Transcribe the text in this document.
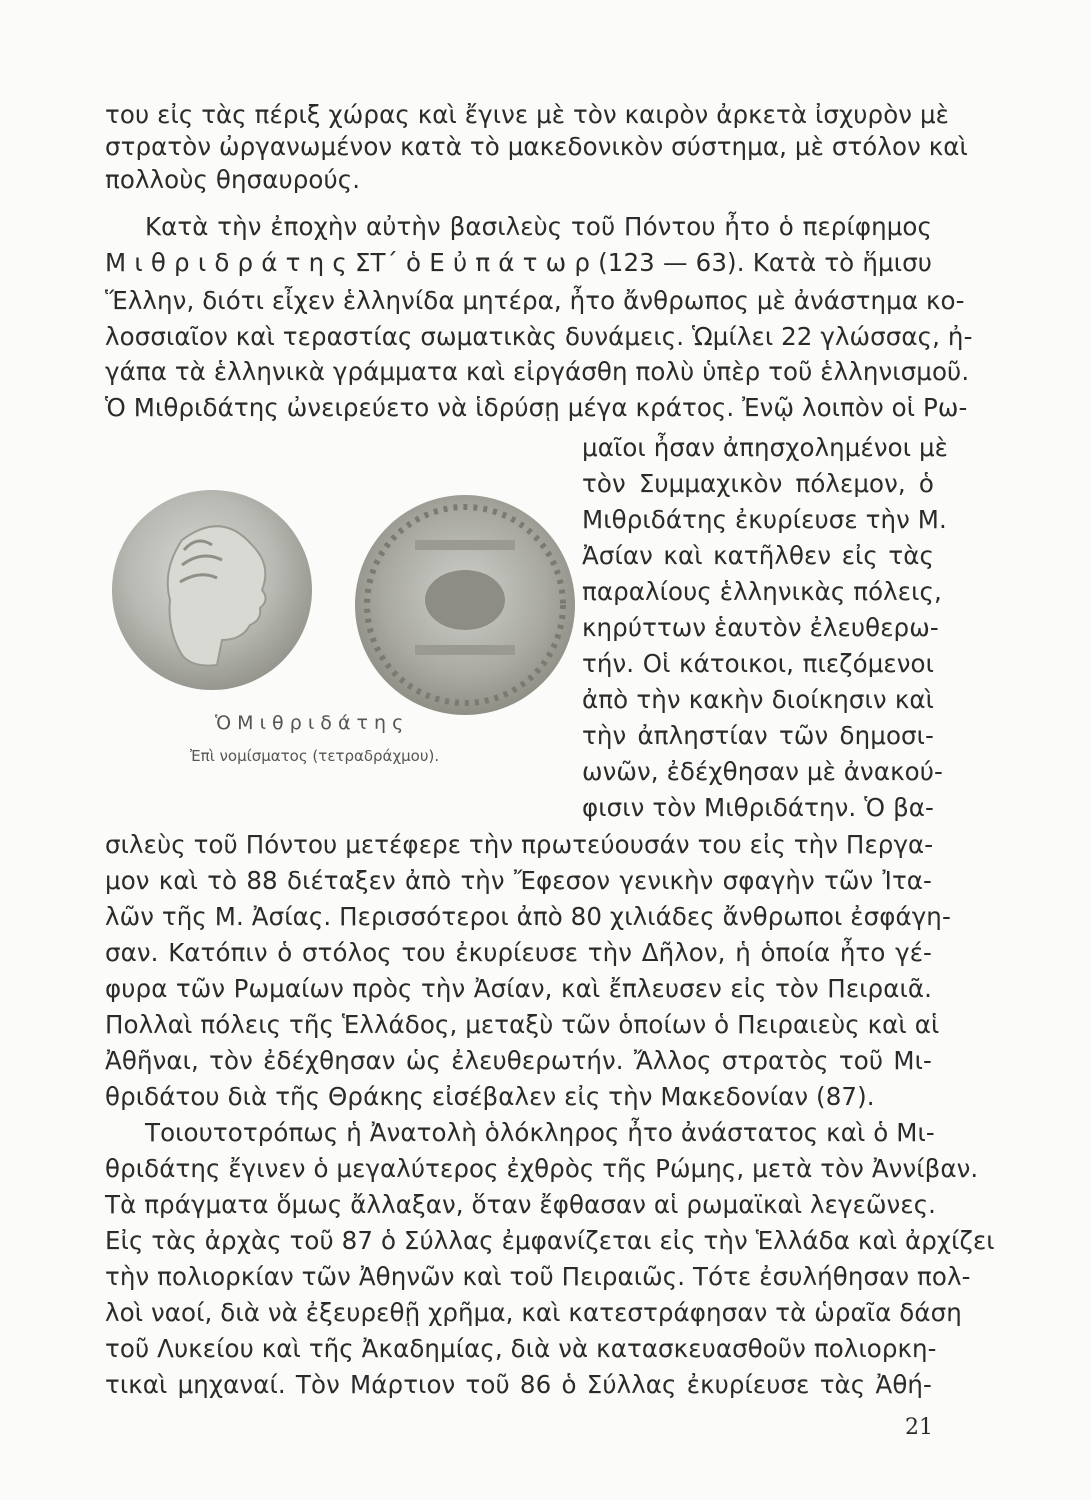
του εἰς τὰς πέριξ χώρας καὶ ἔγινε μὲ τὸν καιρὸν ἀρκετὰ ἰσχυρὸν μὲ
στρατὸν ὠργανωμένον κατὰ τὸ μακεδονικὸν σύστημα, μὲ στόλον καὶ
πολλοὺς θησαυρούς.
Κατὰ τὴν ἐποχὴν αὐτὴν βασιλεὺς τοῦ Πόντου ἦτο ὁ περίφημος
Μ ι θ ρ ι δ ρ ά τ η ς ΣΤ΄ ὁ Ε ὐ π ά τ ω ρ (123 — 63). Κατὰ τὸ ἥμισυ
Ἕλλην, διότι εἶχεν ἑλληνίδα μητέρα, ἦτο ἄνθρωπος μὲ ἀνάστημα κο-
λοσσιαῖον καὶ τεραστίας σωματικὰς δυνάμεις. Ὡμίλει 22 γλώσσας, ἠ-
γάπα τὰ ἑλληνικὰ γράμματα καὶ εἰργάσθη πολὺ ὑπὲρ τοῦ ἑλληνισμοῦ.
Ὁ Μιθριδάτης ὠνειρεύετο νὰ ἱδρύσῃ μέγα κράτος. Ἐνῷ λοιπὸν οἱ Ρω-
μαῖοι ἦσαν ἀπησχολημένοι μὲ
τὸν Συμμαχικὸν πόλεμον, ὁ
Μιθριδάτης ἐκυρίευσε τὴν Μ.
Ἀσίαν καὶ κατῆλθεν εἰς τὰς
παραλίους ἑλληνικὰς πόλεις,
κηρύττων ἑαυτὸν ἐλευθερω-
τήν. Οἱ κάτοικοι, πιεζόμενοι
ἀπὸ τὴν κακὴν διοίκησιν καὶ
τὴν ἀπληστίαν τῶν δημοσι-
ωνῶν, ἐδέχθησαν μὲ ἀνακού-
φισιν τὸν Μιθριδάτην. Ὁ βα-
Ὁ Μ ι θ ρ ι δ ά τ η ς
Ἐπὶ νομίσματος (τετραδράχμου).
σιλεὺς τοῦ Πόντου μετέφερε τὴν πρωτεύουσάν του εἰς τὴν Περγα-
μον καὶ τὸ 88 διέταξεν ἀπὸ τὴν Ἔφεσον γενικὴν σφαγὴν τῶν Ἰτα-
λῶν τῆς Μ. Ἀσίας. Περισσότεροι ἀπὸ 80 χιλιάδες ἄνθρωποι ἐσφάγη-
σαν. Κατόπιν ὁ στόλος του ἐκυρίευσε τὴν Δῆλον, ἡ ὁποία ἦτο γέ-
φυρα τῶν Ρωμαίων πρὸς τὴν Ἀσίαν, καὶ ἔπλευσεν εἰς τὸν Πειραιᾶ.
Πολλαὶ πόλεις τῆς Ἑλλάδος, μεταξὺ τῶν ὁποίων ὁ Πειραιεὺς καὶ αἱ
Ἀθῆναι, τὸν ἐδέχθησαν ὡς ἐλευθερωτήν. Ἄλλος στρατὸς τοῦ Μι-
θριδάτου διὰ τῆς Θράκης εἰσέβαλεν εἰς τὴν Μακεδονίαν (87).
Τοιουτοτρόπως ἡ Ἀνατολὴ ὁλόκληρος ἦτο ἀνάστατος καὶ ὁ Μι-
θριδάτης ἔγινεν ὁ μεγαλύτερος ἐχθρὸς τῆς Ρώμης, μετὰ τὸν Ἀννίβαν.
Τὰ πράγματα ὅμως ἄλλαξαν, ὅταν ἔφθασαν αἱ ρωμαϊκαὶ λεγεῶνες.
Εἰς τὰς ἀρχὰς τοῦ 87 ὁ Σύλλας ἐμφανίζεται εἰς τὴν Ἑλλάδα καὶ ἀρχίζει
τὴν πολιορκίαν τῶν Ἀθηνῶν καὶ τοῦ Πειραιῶς. Τότε ἐσυλήθησαν πολ-
λοὶ ναοί, διὰ νὰ ἐξευρεθῇ χρῆμα, καὶ κατεστράφησαν τὰ ὡραῖα δάση
τοῦ Λυκείου καὶ τῆς Ἀκαδημίας, διὰ νὰ κατασκευασθοῦν πολιορκη-
τικαὶ μηχαναί. Τὸν Μάρτιον τοῦ 86 ὁ Σύλλας ἐκυρίευσε τὰς Ἀθή-
21
